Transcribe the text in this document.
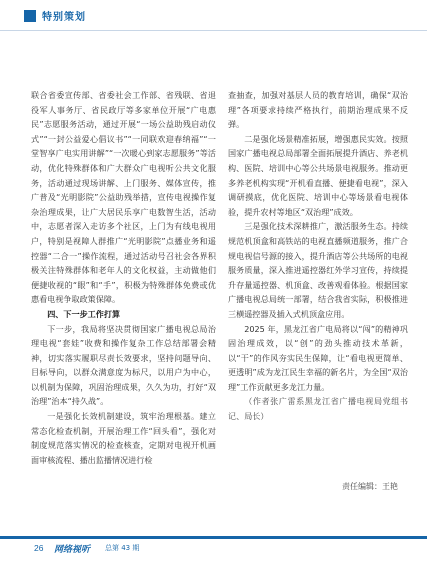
特别策划

联合省委宣传部、省委社会工作部、省残联、省退役军人事务厅、省民政厅等多家单位开展“广电惠民”志愿服务活动，通过开展“一场公益助残启动仪式”“一封公益爱心倡议书”“一同联欢迎春纳福”“一堂智享广电实用讲解”“一次暖心到家志愿服务”等活动，优化特殊群体和广大群众广电视听公共文化服务，活动通过现场讲解、上门服务、媒体宣传，推广普及“光明影院”公益助残举措，宣传电视操作复杂治理成果，让广大居民乐享广电数智生活，活动中，志愿者深入走访多个社区，上门为有线电视用户，特别是视障人群推广“光明影院”点播业务和遥控器“二合一”操作流程，通过活动号召社会各界积极关注特殊群体和老年人的文化权益，主动做他们便捷收视的“眼”和“手”，积极为特殊群体免费或优惠看电视争取政策保障。

四、下一步工作打算

下一步，我局将坚决贯彻国家广播电视总局治理电视“套娃”收费和操作复杂工作总结部署会精神，切实落实履职尽责长效要求，坚持问题导向、目标导向，以群众满意度为标尺，以用户为中心，以机制为保障，巩固治理成果，久久为功，打好“双治理”治本“持久战”。

一是强化长效机制建设，筑牢治理根基。建立常态化检查机制，开展治理工作“回头看”，强化对制度规范落实情况的检查核查，定期对电视开机画面审核流程、播出监播情况进行检

查抽查，加强对基层人员的教育培训，确保“双治理”各项要求持续严格执行，前期治理成果不反弹。

二是强化场景精准拓展，增强惠民实效。按照国家广播电视总局部署全面拓展提升酒店、养老机构、医院、培训中心等公共场景电视服务。推动更多养老机构实现“开机看直播、便捷看电视”，深入调研摸底，优化医院、培训中心等场景看电视体验，提升农村等地区“双治理”成效。

三是强化技术深耕推广，激活服务生态。持续规范机顶盒和高铁站的电视直播频道服务，推广合规电视信号源的接入，提升酒店等公共场所的电视服务质量，深入推进遥控器红外学习宣传，持续提升存量遥控器、机顶盒、改善观看体验。根据国家广播电视总局统一部署，结合我省实际，积极推进三横遥控器及插入式机顶盒应用。

2025 年，黑龙江省广电局将以“闯”的精神巩固治理成效，以“创”的劲头推动技术革新，以“干”的作风夯实民生保障，让“看电视更简单、更透明”成为龙江民生幸福的新名片，为全国“双治理”工作贡献更多龙江力量。

（作者张广雷系黑龙江省广播电视局党组书记、局长）

责任编辑：王艳
26 网络视听 总第 43 期
